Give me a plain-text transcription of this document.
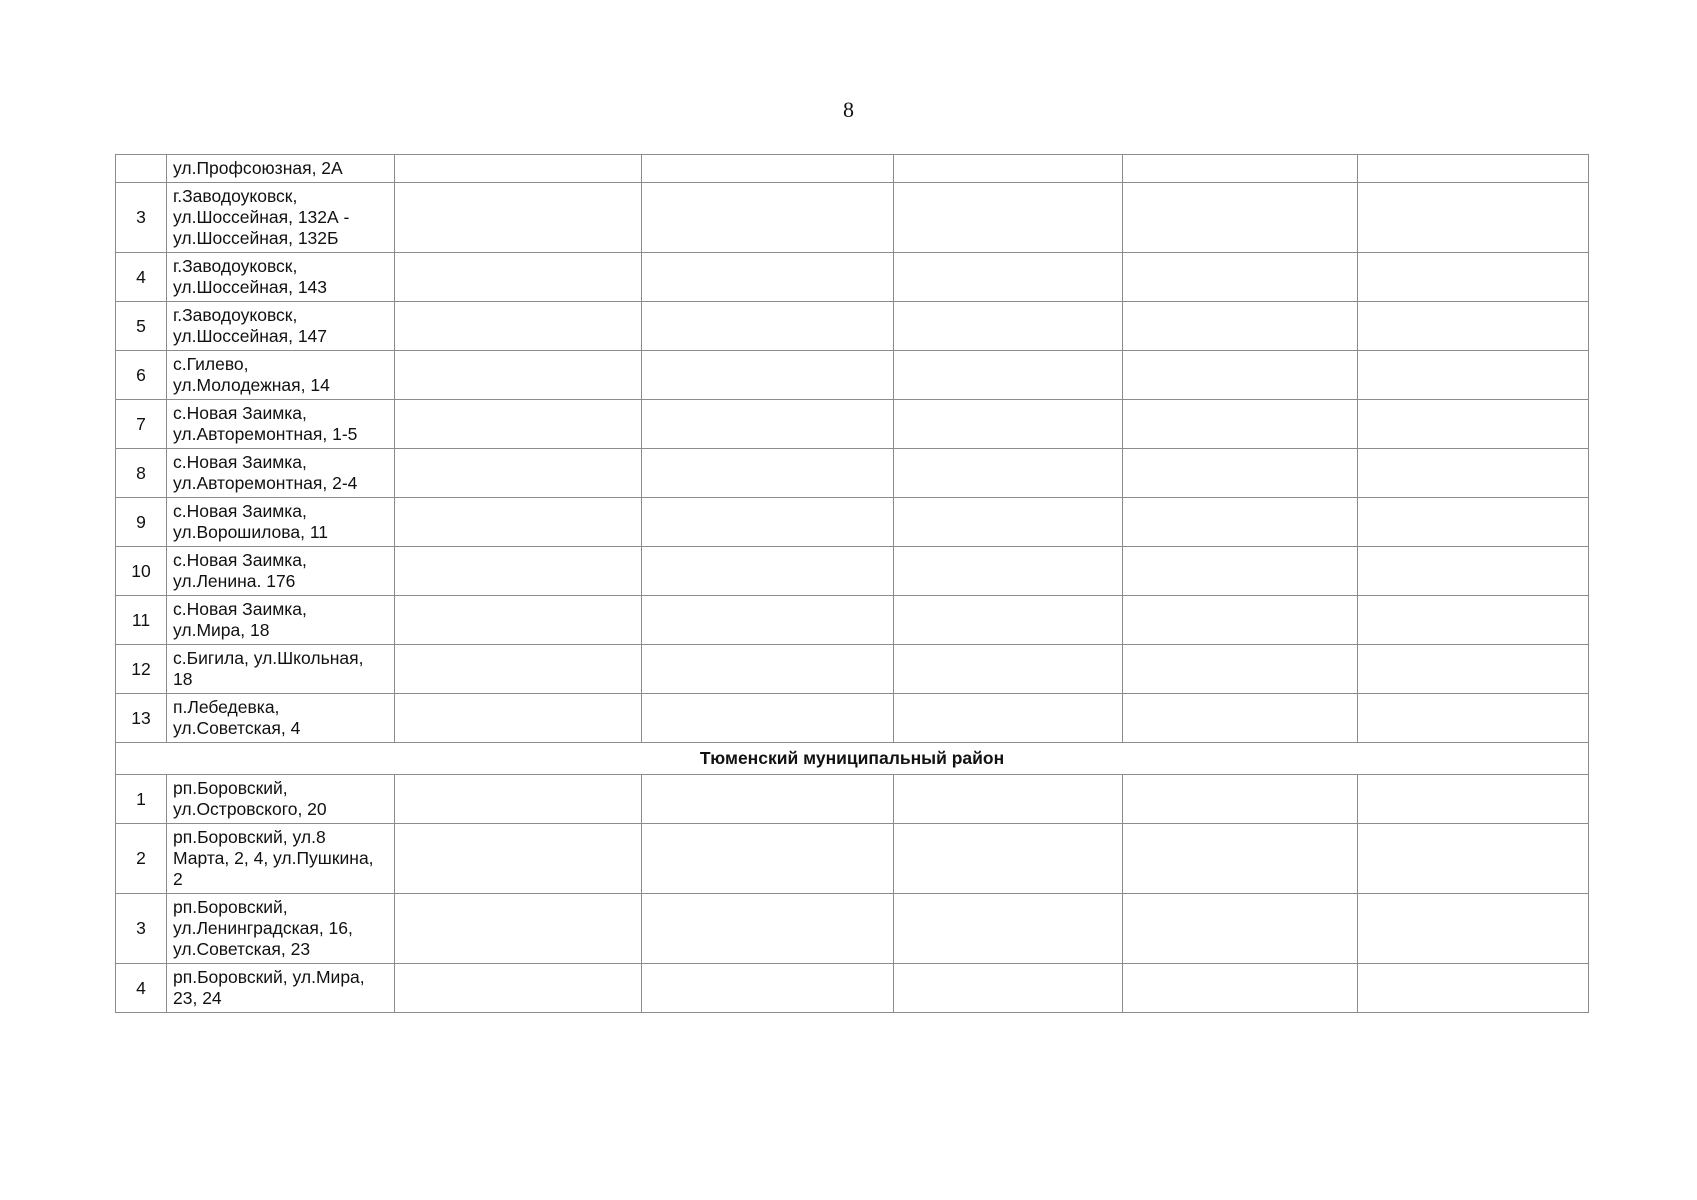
8
	ул.Профсоюзная, 2А					
3	г.Заводоуковск,
ул.Шоссейная, 132А -
ул.Шоссейная, 132Б					
4	г.Заводоуковск,
ул.Шоссейная, 143					
5	г.Заводоуковск,
ул.Шоссейная, 147					
6	с.Гилево,
ул.Молодежная, 14					
7	с.Новая Заимка,
ул.Авторемонтная, 1-5					
8	с.Новая Заимка,
ул.Авторемонтная, 2-4					
9	с.Новая Заимка,
ул.Ворошилова, 11					
10	с.Новая Заимка,
ул.Ленина. 176					
11	с.Новая Заимка,
ул.Мира, 18					
12	с.Бигила, ул.Школьная,
18					
13	п.Лебедевка,
ул.Советская, 4					
Тюменский муниципальный район						
1	рп.Боровский,
ул.Островского, 20					
2	рп.Боровский, ул.8
Марта, 2, 4, ул.Пушкина,
2					
3	рп.Боровский,
ул.Ленинградская, 16,
ул.Советская, 23					
4	рп.Боровский, ул.Мира,
23, 24					
